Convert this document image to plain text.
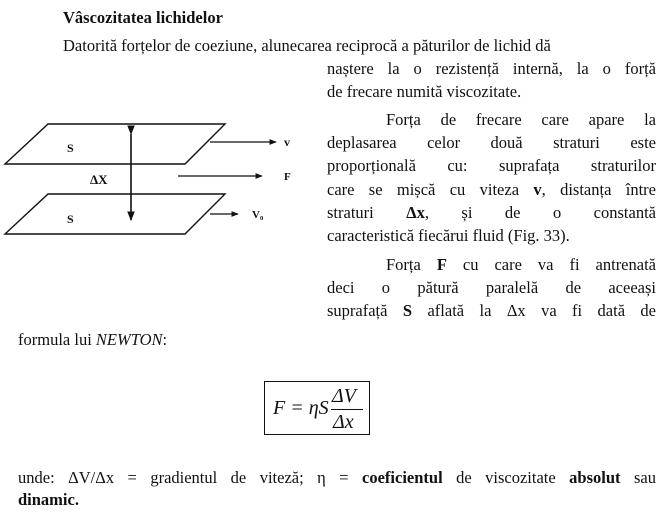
Vâscozitatea lichidelor
Datorită forțelor de coeziune, alunecarea reciprocă a păturilor de lichid dă
naștere la o rezistență internă, la o forță
de frecare numită viscozitate.
Forța de frecare care apare la
deplasarea celor două straturi este
proporțională cu: suprafața straturilor
care se mișcă cu viteza v, distanța între
straturi Δx, și de o constantă
caracteristică fiecărui fluid (Fig. 33).
Forța F cu care va fi antrenată
deci o pătură paralelă de aceeași
suprafață S aflată la Δx va fi dată de
formula lui NEWTON:
S
S
ΔX
v
F
V₀
F = ηS
ΔV
Δx
unde: ΔV/Δx = gradientul de viteză; η = coeficientul de viscozitate absolut sau
dinamic.
